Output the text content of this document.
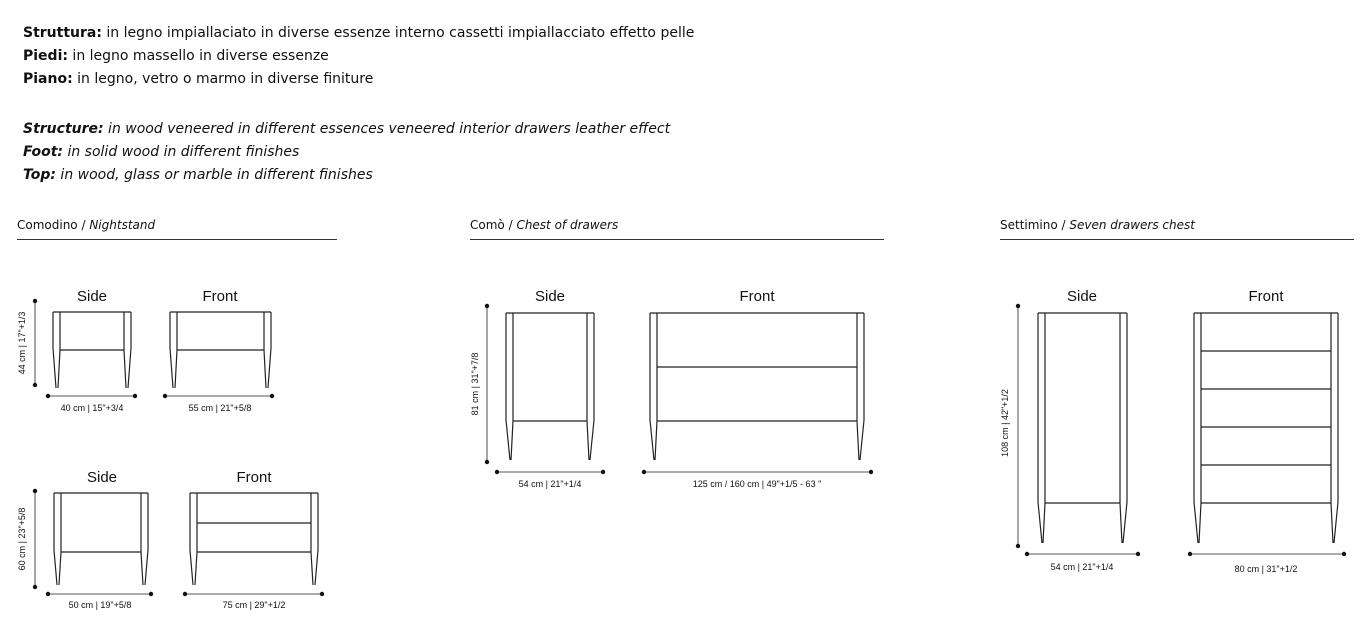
Struttura: in legno impiallaciato in diverse essenze interno cassetti impiallacciato effetto pelle
Piedi: in legno massello in diverse essenze
Piano: in legno, vetro o marmo in diverse finiture
Structure: in wood veneered in different essences veneered interior drawers leather effect
Foot: in solid wood in different finishes
Top: in wood, glass or marble in different finishes
Comodino / Nightstand	Comò / Chest of drawers	Settimino / Seven drawers chest
Side	Front
Side	Front
Side	Front	Side	Front
40 cm | 15"+3/4	55 cm | 21"+5/8
50 cm | 19"+5/8	75 cm | 29"+1/2
54 cm | 21"+1/4	125 cm / 160 cm | 49"+1/5 - 63 "
54 cm | 21"+1/4	80 cm | 31"+1/2
44 cm | 17"+1/3
60 cm | 23"+5/8
81 cm | 31"+7/8
108 cm | 42"+1/2
